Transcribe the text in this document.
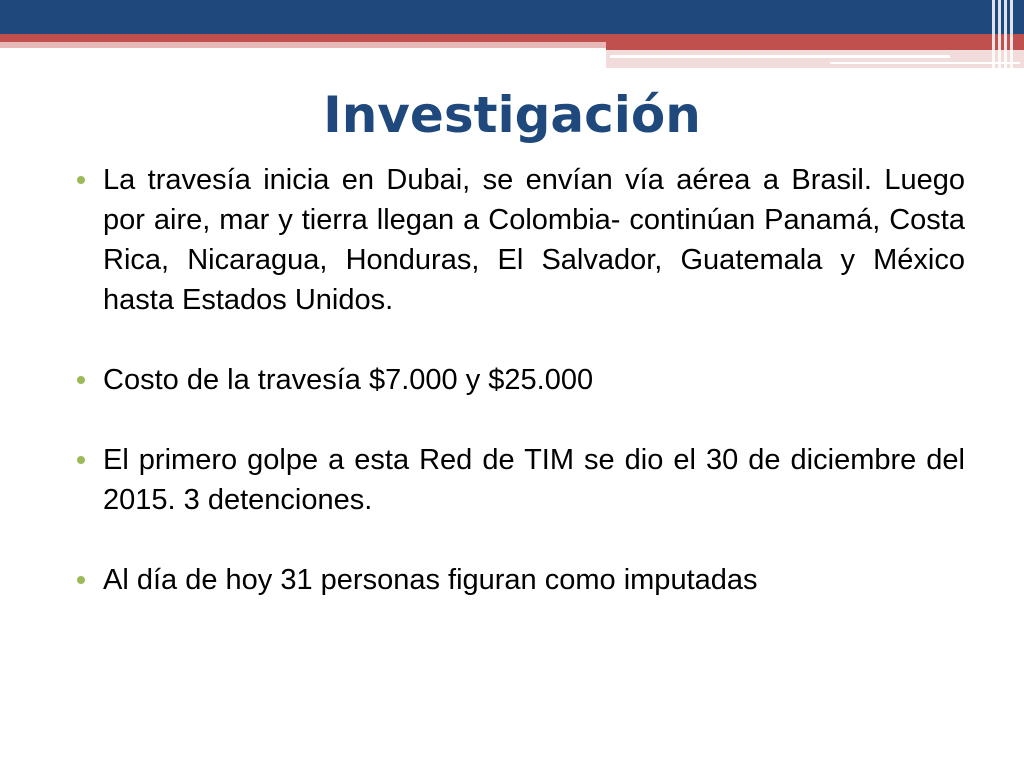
Investigación
La travesía inicia en Dubai, se envían vía aérea a Brasil. Luego por aire, mar y tierra llegan a Colombia- continúan Panamá, Costa Rica, Nicaragua, Honduras, El Salvador, Guatemala y México hasta Estados Unidos.
Costo de la travesía $7.000 y $25.000
El primero golpe a esta Red de TIM se dio el 30 de diciembre del 2015. 3 detenciones.
Al día de hoy 31 personas figuran como imputadas
